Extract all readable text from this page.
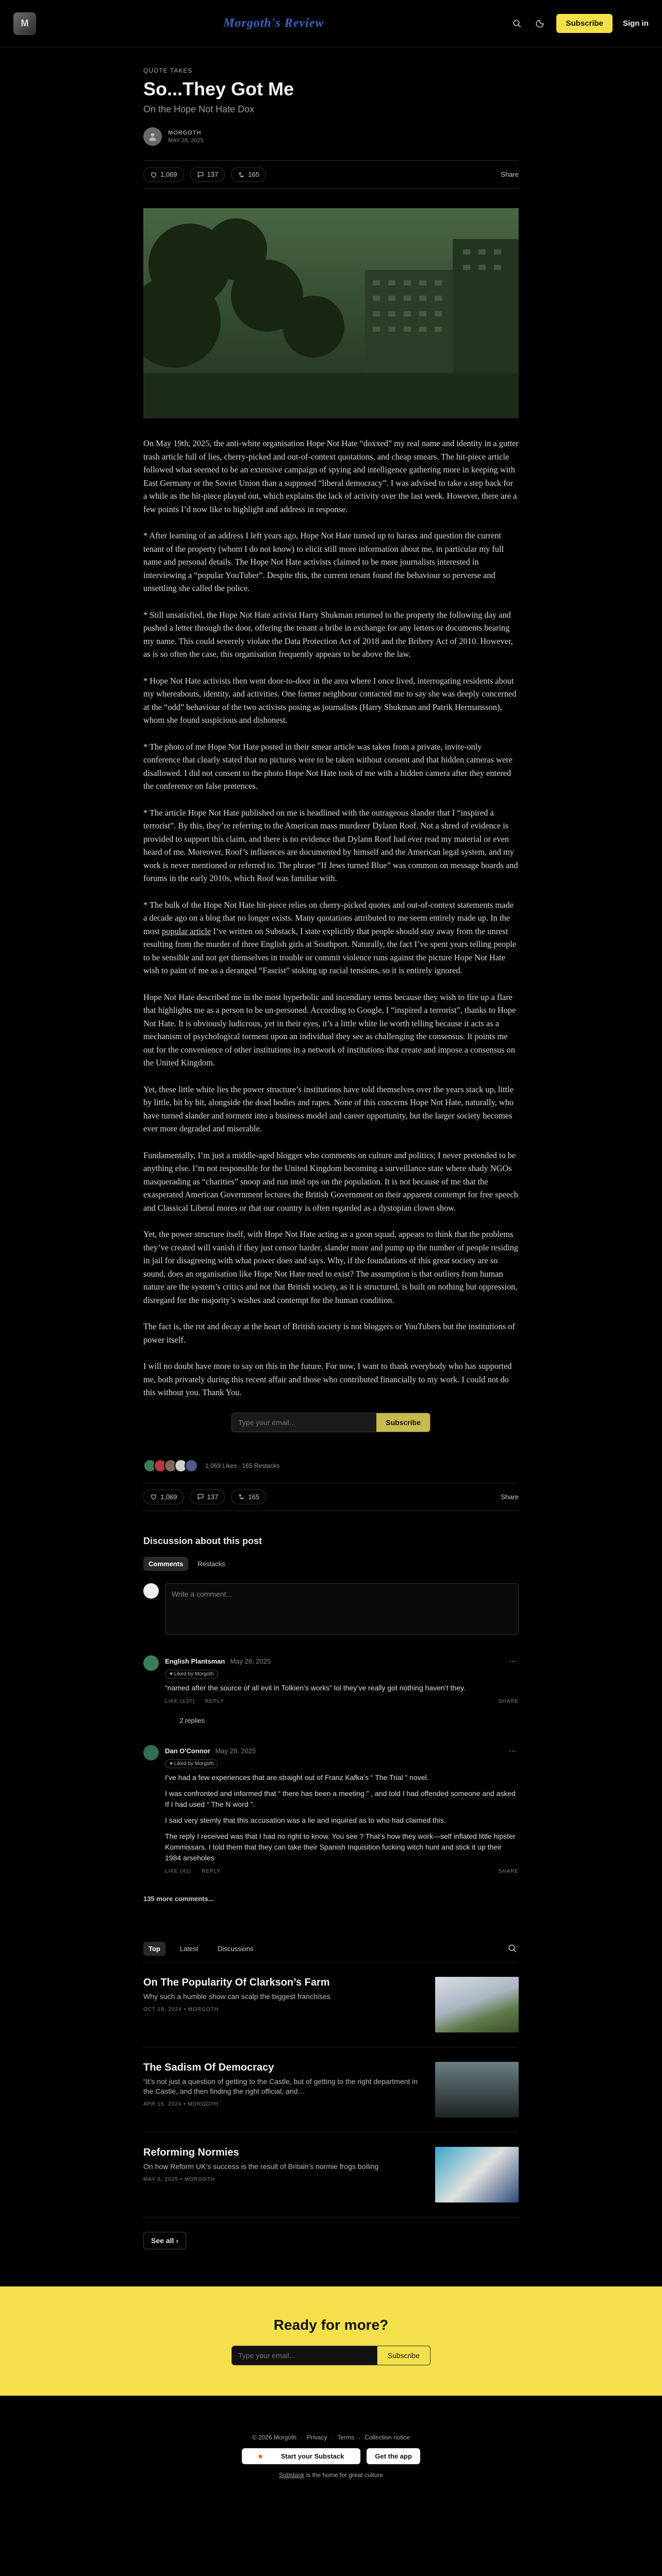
M	Morgoth's Review	Subscribe	Sign in
QUOTE TAKES
So...They Got Me
On the Hope Not Hate Dox
MORGOTH
MAY 28, 2025
1,069	137	165	Share

On May 19th, 2025, the anti-white organisation Hope Not Hate “doxxed” my real name and identity in a gutter trash article full of lies, cherry-picked and out-of-context quotations, and cheap smears. The hit-piece article followed what seemed to be an extensive campaign of spying and intelligence gathering more in keeping with East Germany or the Soviet Union than a supposed “liberal democracy”. I was advised to take a step back for a while as the hit-piece played out, which explains the lack of activity over the last week. However, there are a few points I’d now like to highlight and address in response.

* After learning of an address I left years ago, Hope Not Hate turned up to harass and question the current tenant of the property (whom I do not know) to elicit still more information about me, in particular my full name and personal details. The Hope Not Hate activists claimed to be mere journalists interested in interviewing a “popular YouTuber”. Despite this, the current tenant found the behaviour so perverse and unsettling she called the police.

* Still unsatisfied, the Hope Not Hate activist Harry Shukman returned to the property the following day and pushed a letter through the door, offering the tenant a bribe in exchange for any letters or documents bearing my name. This could severely violate the Data Protection Act of 2018 and the Bribery Act of 2010. However, as is so often the case, this organisation frequently appears to be above the law.

* Hope Not Hate activists then went door-to-door in the area where I once lived, interrogating residents about my whereabouts, identity, and activities. One former neighbour contacted me to say she was deeply concerned at the “odd” behaviour of the two activists posing as journalists (Harry Shukman and Patrik Hermansson), whom she found suspicious and dishonest.

* The photo of me Hope Not Hate posted in their smear article was taken from a private, invite-only conference that clearly stated that no pictures were to be taken without consent and that hidden cameras were disallowed. I did not consent to the photo Hope Not Hate took of me with a hidden camera after they entered the conference on false pretences.

* The article Hope Not Hate published on me is headlined with the outrageous slander that I “inspired a terrorist”. By this, they’re referring to the American mass murderer Dylann Roof. Not a shred of evidence is provided to support this claim, and there is no evidence that Dylann Roof had ever read my material or even heard of me. Moreover, Roof’s influences are documented by himself and the American legal system, and my work is never mentioned or referred to. The phrase “If Jews turned Blue” was common on message boards and forums in the early 2010s, which Roof was familiar with.

* The bulk of the Hope Not Hate hit-piece relies on cherry-picked quotes and out-of-context statements made a decade ago on a blog that no longer exists. Many quotations attributed to me seem entirely made up. In the most popular article I’ve written on Substack, I state explicitly that people should stay away from the unrest resulting from the murder of three English girls at Southport. Naturally, the fact I’ve spent years telling people to be sensible and not get themselves in trouble or commit violence runs against the picture Hope Not Hate wish to paint of me as a deranged “Fascist” stoking up racial tensions, so it is entirely ignored.

Hope Not Hate described me in the most hyperbolic and incendiary terms because they wish to fire up a flare that highlights me as a person to be un-personed. According to Google, I “inspired a terrorist”, thanks to Hope Not Hate. It is obviously ludicrous, yet in their eyes, it’s a little white lie worth telling because it acts as a mechanism of psychological torment upon an individual they see as challenging the consensus. It points me out for the convenience of other institutions in a network of institutions that create and impose a consensus on the United Kingdom.

Yet, these little white lies the power structure’s institutions have told themselves over the years stack up, little by little, bit by bit, alongside the dead bodies and rapes. None of this concerns Hope Not Hate, naturally, who have turned slander and torment into a business model and career opportunity, but the larger society becomes ever more degraded and miserable.

Fundamentally, I’m just a middle-aged blogger who comments on culture and politics; I never pretended to be anything else. I’m not responsible for the United Kingdom becoming a surveillance state where shady NGOs masquerading as “charities” snoop and run intel ops on the population. It is not because of me that the exasperated American Government lectures the British Government on their apparent contempt for free speech and Classical Liberal mores or that our country is often regarded as a dystopian clown show.

Yet, the power structure itself, with Hope Not Hate acting as a goon squad, appears to think that the problems they’ve created will vanish if they just censor harder, slander more and pump up the number of people residing in jail for disagreeing with what power does and says. Why, if the foundations of this great society are so sound, does an organisation like Hope Not Hate need to exist? The assumption is that outliers from human nature are the system’s critics and not that British society, as it is structured, is built on nothing but oppression, disregard for the majority’s wishes and contempt for the human condition.

The fact is, the rot and decay at the heart of British society is not bloggers or YouTubers but the institutions of power itself.

I will no doubt have more to say on this in the future. For now, I want to thank everybody who has supported me, both privately during this recent affair and those who contributed financially to my work. I could not do this without you. Thank You.

Type your email...
Subscribe
1,069 Likes ∙ 165 Restacks
1,069	137	165	Share
Discussion about this post
Comments	Restacks
Write a comment...
English Plantsman May 28, 2025	⋯
♥ Liked by Morgoth

“named after the source of all evil in Tolkien’s works” lol they’ve really got nothing haven’t they.

LIKE (137) REPLY	SHARE
2 replies
Dan O'Connor May 28, 2025	⋯
♥ Liked by Morgoth

I’ve had a few experiences that are straight out of Franz Kafka’s “ The Trial ” novel.

I was confronted and informed that “ there has been a meeting ” , and told I had offended someone and asked If I had used “ The N word ”.

I said very sternly that this accusation was a lie and inquired as to who had claimed this.

The reply I received was that I had no right to know. You see ? That’s how they work—self inflated little hipster Kommissars. I told them that they can take their Spanish Inquisition fucking witch hunt and stick it up their 1984 arseholes

LIKE (41) REPLY	SHARE
135 more comments...
Top	Latest	Discussions
On The Popularity Of Clarkson’s Farm
Why such a humble show can scalp the biggest franchises
OCT 19, 2024 • MORGOTH
The Sadism Of Democracy
“It’s not just a question of getting to the Castle, but of getting to the right department in the Castle, and then finding the right official, and…
APR 15, 2024 • MORGOTH
Reforming Normies
On how Reform UK’s success is the result of Britain’s normie frogs boiling
MAY 6, 2025 • MORGOTH
See all ›
Ready for more?
Type your email...
Subscribe
© 2026 Morgoth · Privacy · Terms · Collection notice
■ Start your Substack	Get the app
Substack is the home for great culture
